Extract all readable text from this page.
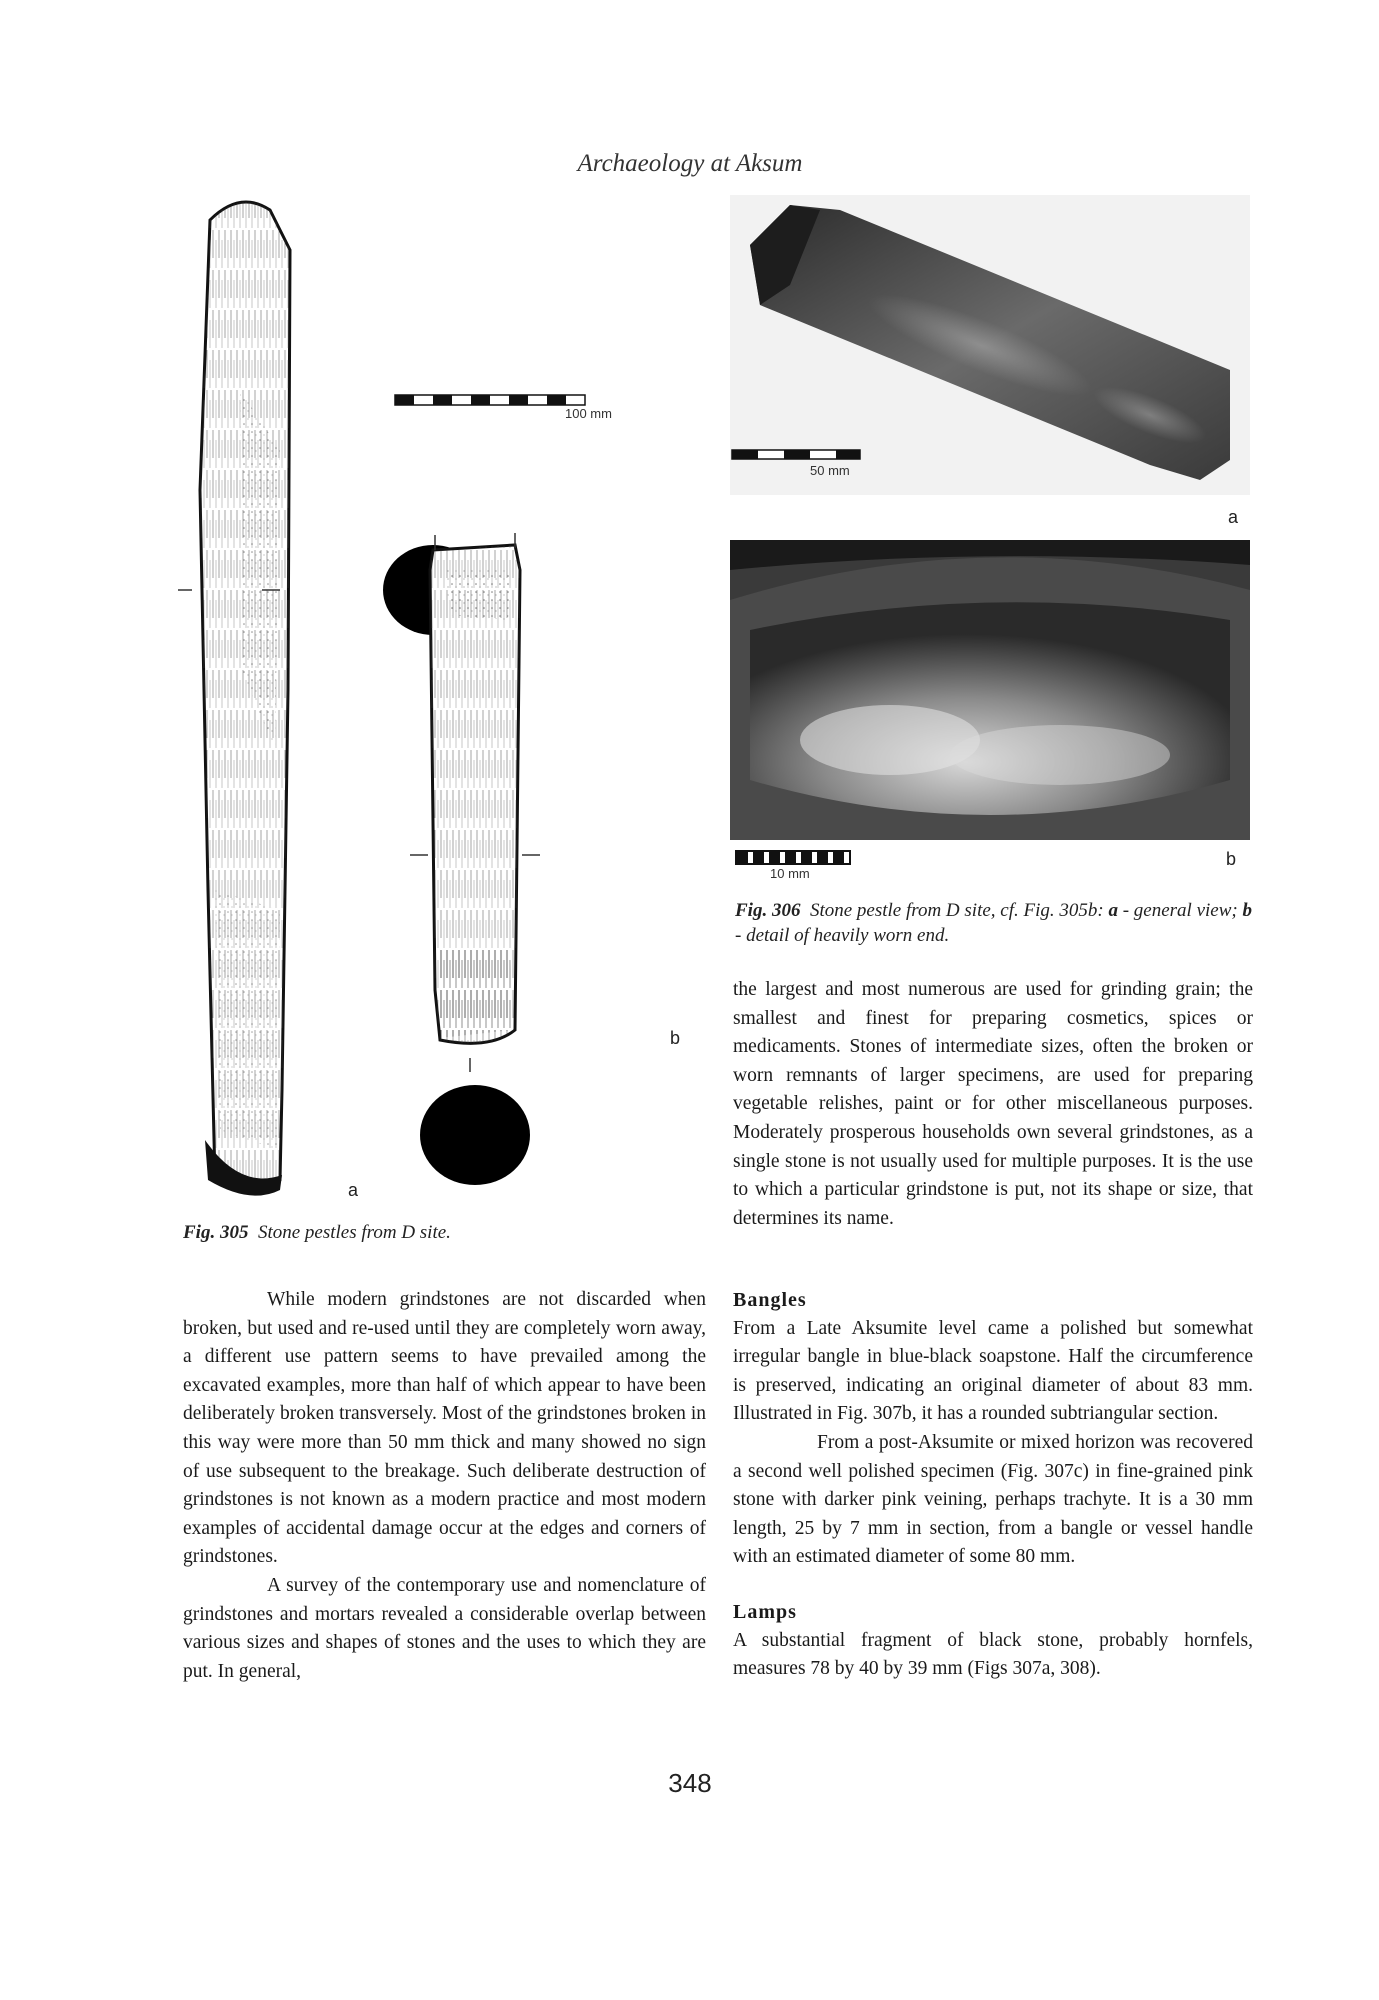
Archaeology at Aksum
100 mm
a
b
Fig. 305 Stone pestles from D site.
50 mm
a
10 mm
b
Fig. 306 Stone pestle from D site, cf. Fig. 305b: a - general view; b - detail of heavily worn end.

the largest and most numerous are used for grinding grain; the smallest and finest for preparing cosmetics, spices or medicaments. Stones of intermediate sizes, often the broken or worn remnants of larger specimens, are used for preparing vegetable relishes, paint or for other miscellaneous purposes. Moderately prosperous households own several grindstones, as a single stone is not usually used for multiple purposes. It is the use to which a particular grindstone is put, not its shape or size, that determines its name.

While modern grindstones are not discarded when broken, but used and re-used until they are completely worn away, a different use pattern seems to have prevailed among the excavated examples, more than half of which appear to have been deliberately broken transversely. Most of the grindstones broken in this way were more than 50 mm thick and many showed no sign of use subsequent to the breakage. Such deliberate destruction of grindstones is not known as a modern practice and most modern examples of accidental damage occur at the edges and corners of grindstones.

A survey of the contemporary use and nomenclature of grindstones and mortars revealed a considerable overlap between various sizes and shapes of stones and the uses to which they are put. In general,

Bangles

From a Late Aksumite level came a polished but somewhat irregular bangle in blue-black soapstone. Half the circumference is preserved, indicating an original diameter of about 83 mm. Illustrated in Fig. 307b, it has a rounded subtriangular section.

From a post-Aksumite or mixed horizon was recovered a second well polished specimen (Fig. 307c) in fine-grained pink stone with darker pink veining, perhaps trachyte. It is a 30 mm length, 25 by 7 mm in section, from a bangle or vessel handle with an estimated diameter of some 80 mm.

Lamps

A substantial fragment of black stone, probably hornfels, measures 78 by 40 by 39 mm (Figs 307a, 308).

348
